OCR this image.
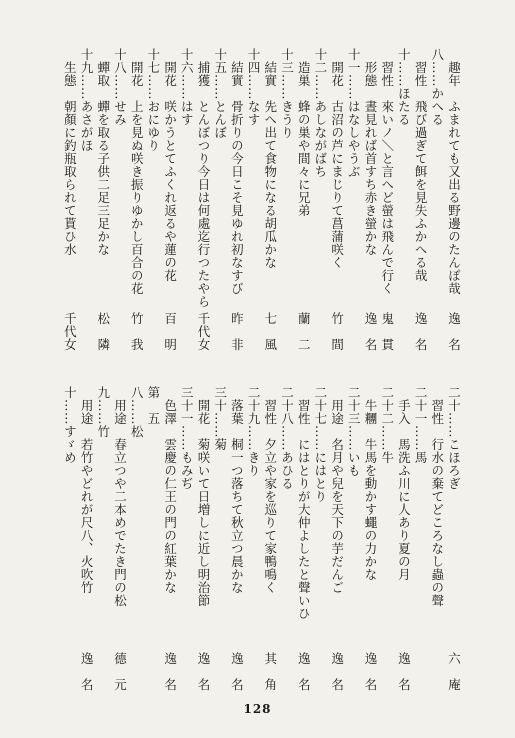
　趣年　ふまれても又出る野邊のたんぽ哉
逸　名
八……かへる
　習性　飛び過ぎて餌を見失ふかへる哉
逸　名
十……ほたる
　習性　來いノ＼と言へど螢は飛んで行く
鬼　貫
　形態　晝見れば首すち赤き螢かな
逸　名
十一……はなしやうぶ
　開花　古沼の芦にまじりて菖蒲咲く
竹　間
十二……あしながばち
　造巣　蜂の巣や間々に兄弟
蘭　二
十三……きうり
　結實　先へ出て食物になる胡瓜かな
七　風
十四……なす
　結實　骨折りの今日こそ見ゆれ初なすび
昨　非
十五……とんぼ
　捕獲　とんぼつり今日は何處迄行つたやら
千代女
十六……はす
　開花　咲かうとてふくれ返るや蓮の花
百　明
十七……おにゆり
　開花　上を見ぬ咲き振りゆかし百合の花
竹　我
十八……せみ
　蟬取　蟬を取る子供二足三足かな
松　隣
十九……あさがほ
　生態　朝顏に釣瓶取られて貰ひ水
千代女
二十……こほろぎ
六　庵
　習性　行水の棄てどころなし蟲の聲
二十一……馬
　手入　馬洗ふ川に人あり夏の月
逸　名
二十二……牛
　牛糰　牛馬を動かす蠅の力かな
逸　名
二十三……いも
　用途　名月や兒を天下の芋だんご
逸　名
二十七……にはとり
　習性　にはとりが大仲よしたと聲いひ
逸　名
二十八……あひる
　習性　夕立や家を巡りて家鴨鳴く
其　角
二十九……きり
　落葉　桐一つ落ちて秋立つ晨かな
逸　名
三十……菊
　開花　菊咲いて日増しに近し明治節
逸　名
三十一……もみぢ
　色澤　雲慶の仁王の門の紅葉かな
逸　名
第　五
八……松
　用途　春立つや二本めでたき門の松
德　元
九……竹
　用途　若竹やどれが尺八、火吹竹
逸　名
十……すゞめ
128
